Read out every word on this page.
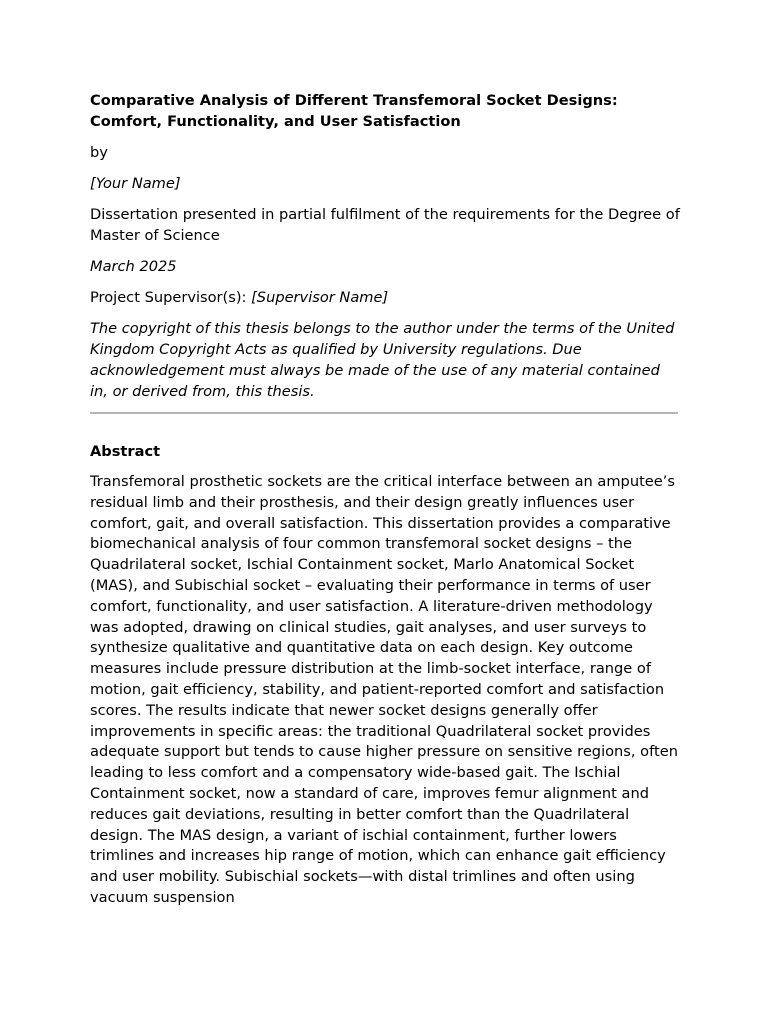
Comparative Analysis of Different Transfemoral Socket Designs: Comfort, Functionality, and User Satisfaction
by
[Your Name]
Dissertation presented in partial fulfilment of the requirements for the Degree of Master of Science
March 2025
Project Supervisor(s): [Supervisor Name]
The copyright of this thesis belongs to the author under the terms of the United Kingdom Copyright Acts as qualified by University regulations. Due acknowledgement must always be made of the use of any material contained in, or derived from, this thesis.
Abstract

Transfemoral prosthetic sockets are the critical interface between an amputee’s residual limb and their prosthesis, and their design greatly influences user comfort, gait, and overall satisfaction. This dissertation provides a comparative biomechanical analysis of four common transfemoral socket designs – the Quadrilateral socket, Ischial Containment socket, Marlo Anatomical Socket (MAS), and Subischial socket – evaluating their performance in terms of user comfort, functionality, and user satisfaction. A literature-driven methodology was adopted, drawing on clinical studies, gait analyses, and user surveys to synthesize qualitative and quantitative data on each design. Key outcome measures include pressure distribution at the limb-socket interface, range of motion, gait efficiency, stability, and patient-reported comfort and satisfaction scores. The results indicate that newer socket designs generally offer improvements in specific areas: the traditional Quadrilateral socket provides adequate support but tends to cause higher pressure on sensitive regions, often leading to less comfort and a compensatory wide-based gait. The Ischial Containment socket, now a standard of care, improves femur alignment and reduces gait deviations, resulting in better comfort than the Quadrilateral design. The MAS design, a variant of ischial containment, further lowers trimlines and increases hip range of motion, which can enhance gait efficiency and user mobility. Subischial sockets—with distal trimlines and often using vacuum suspension
